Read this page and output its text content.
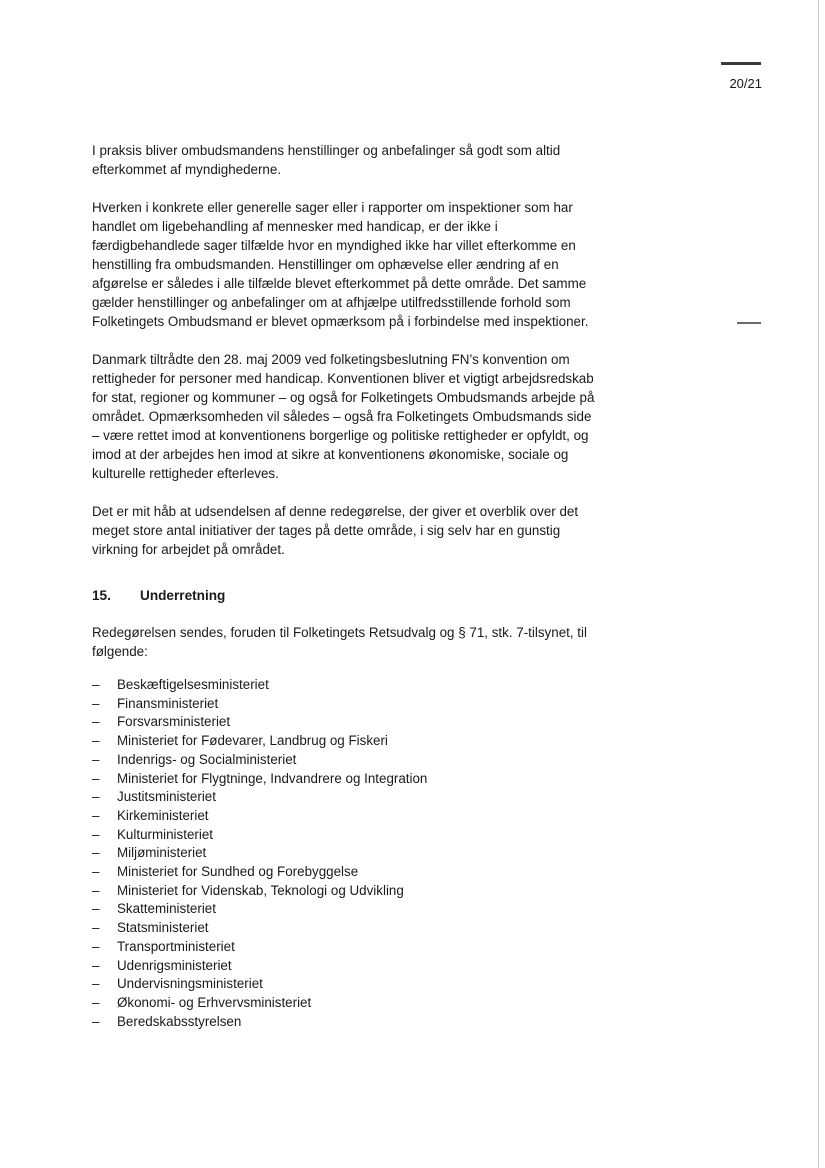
20/21

I praksis bliver ombudsmandens henstillinger og anbefalinger så godt som altid efterkommet af myndighederne.

Hverken i konkrete eller generelle sager eller i rapporter om inspektioner som har handlet om ligebehandling af mennesker med handicap, er der ikke i færdigbehandlede sager tilfælde hvor en myndighed ikke har villet efterkomme en henstilling fra ombudsmanden. Henstillinger om ophævelse eller ændring af en afgørelse er således i alle tilfælde blevet efterkommet på dette område. Det samme gælder henstillinger og anbefalinger om at afhjælpe utilfredsstillende forhold som Folketingets Ombudsmand er blevet opmærksom på i forbindelse med inspektioner.

Danmark tiltrådte den 28. maj 2009 ved folketingsbeslutning FN’s konvention om rettigheder for personer med handicap. Konventionen bliver et vigtigt arbejdsredskab for stat, regioner og kommuner – og også for Folketingets Ombudsmands arbejde på området. Opmærksomheden vil således – også fra Folketingets Ombudsmands side – være rettet imod at konventionens borgerlige og politiske rettigheder er opfyldt, og imod at der arbejdes hen imod at sikre at konventionens økonomiske, sociale og kulturelle rettigheder efterleves.

Det er mit håb at udsendelsen af denne redegørelse, der giver et overblik over det meget store antal initiativer der tages på dette område, i sig selv har en gunstig virkning for arbejdet på området.

15. Underretning

Redegørelsen sendes, foruden til Folketingets Retsudvalg og § 71, stk. 7-tilsynet, til følgende:

– Beskæftigelsesministeriet
– Finansministeriet
– Forsvarsministeriet
– Ministeriet for Fødevarer, Landbrug og Fiskeri
– Indenrigs- og Socialministeriet
– Ministeriet for Flygtninge, Indvandrere og Integration
– Justitsministeriet
– Kirkeministeriet
– Kulturministeriet
– Miljøministeriet
– Ministeriet for Sundhed og Forebyggelse
– Ministeriet for Videnskab, Teknologi og Udvikling
– Skatteministeriet
– Statsministeriet
– Transportministeriet
– Udenrigsministeriet
– Undervisningsministeriet
– Økonomi- og Erhvervsministeriet
– Beredskabsstyrelsen
